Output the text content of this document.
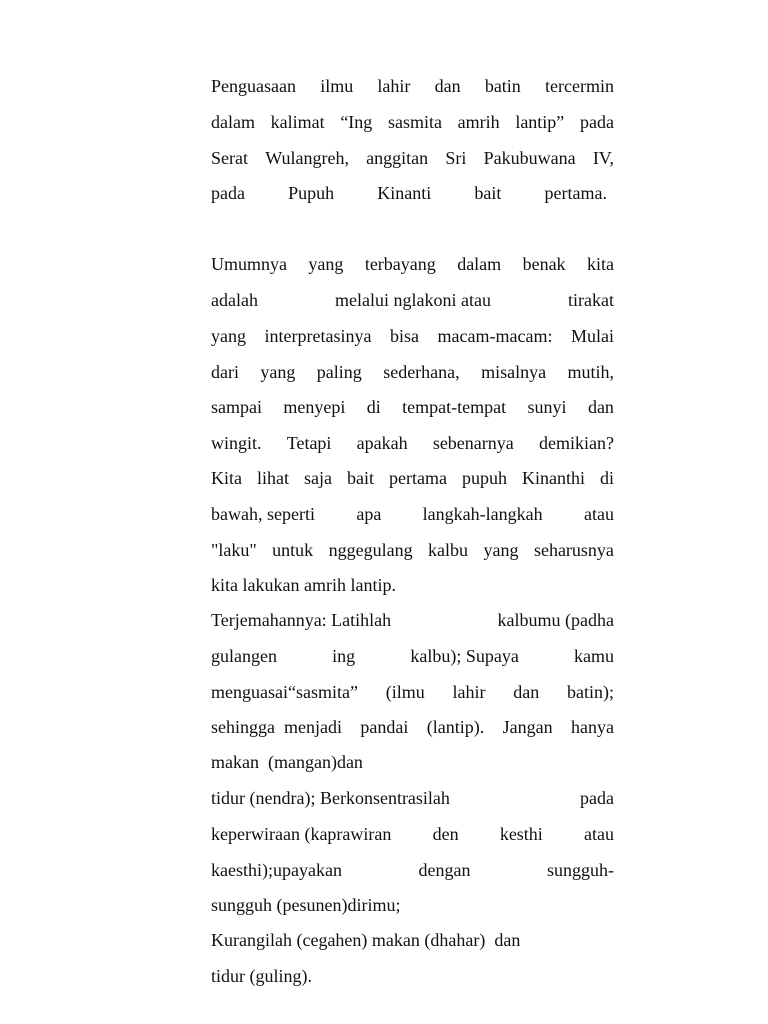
Penguasaan ilmu lahir dan batin tercermin
dalam kalimat “Ing sasmita amrih lantip” pada
Serat Wulangreh, anggitan Sri Pakubuwana IV,
pada Pupuh Kinanti bait pertama.
Umumnya yang terbayang dalam benak kita
adalah	melalui nglakoni atau	tirakat
yang interpretasinya bisa macam-macam: Mulai
dari yang paling sederhana, misalnya mutih,
sampai menyepi di tempat-tempat sunyi dan
wingit. Tetapi apakah sebenarnya demikian?
Kita lihat saja bait pertama pupuh Kinanthi di
bawah, seperti apa langkah-langkah atau
"laku" untuk nggegulang kalbu yang seharusnya
kita lakukan amrih lantip.
Terjemahannya: Latihlah	kalbumu (padha
gulangen	ing	kalbu); Supaya	kamu
menguasai“sasmita” (ilmu lahir dan batin);
sehingga  menjadi pandai (lantip). Jangan hanya
makan  (mangan)dan
tidur (nendra); Berkonsentrasilah	pada
keperwiraan (kaprawiran den kesthi atau
kaesthi);upayakan	dengan	sungguh-
sungguh (pesunen)dirimu;
Kurangilah (cegahen) makan (dhahar)  dan
tidur (guling).
